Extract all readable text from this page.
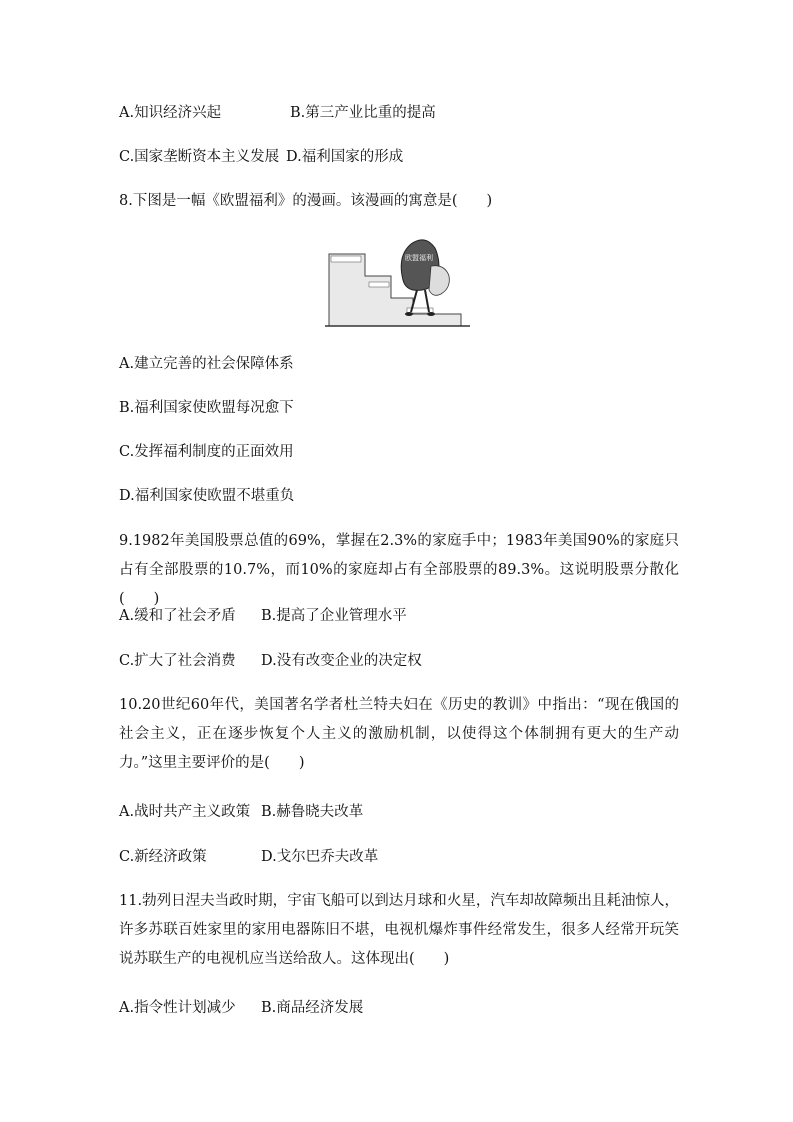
A.知识经济兴起	B.第三产业比重的提高
C.国家垄断资本主义发展 D.福利国家的形成
8.下图是一幅《欧盟福利》的漫画。该漫画的寓意是(　　)
欧盟福利
A.建立完善的社会保障体系
B.福利国家使欧盟每况愈下
C.发挥福利制度的正面效用
D.福利国家使欧盟不堪重负
9.1982年美国股票总值的69%，掌握在2.3%的家庭手中；1983年美国90%的家庭只占有全部股票的10.7%，而10%的家庭却占有全部股票的89.3%。这说明股票分散化(　　)
A.缓和了社会矛盾 B.提高了企业管理水平
C.扩大了社会消费 D.没有改变企业的决定权
10.20世纪60年代，美国著名学者杜兰特夫妇在《历史的教训》中指出：“现在俄国的社会主义，正在逐步恢复个人主义的激励机制，以使得这个体制拥有更大的生产动力。”这里主要评价的是(　　)
A.战时共产主义政策 B.赫鲁晓夫改革
C.新经济政策	D.戈尔巴乔夫改革
11.勃列日涅夫当政时期，宇宙飞船可以到达月球和火星，汽车却故障频出且耗油惊人，许多苏联百姓家里的家用电器陈旧不堪，电视机爆炸事件经常发生，很多人经常开玩笑说苏联生产的电视机应当送给敌人。这体现出(　　)
A.指令性计划减少 B.商品经济发展
